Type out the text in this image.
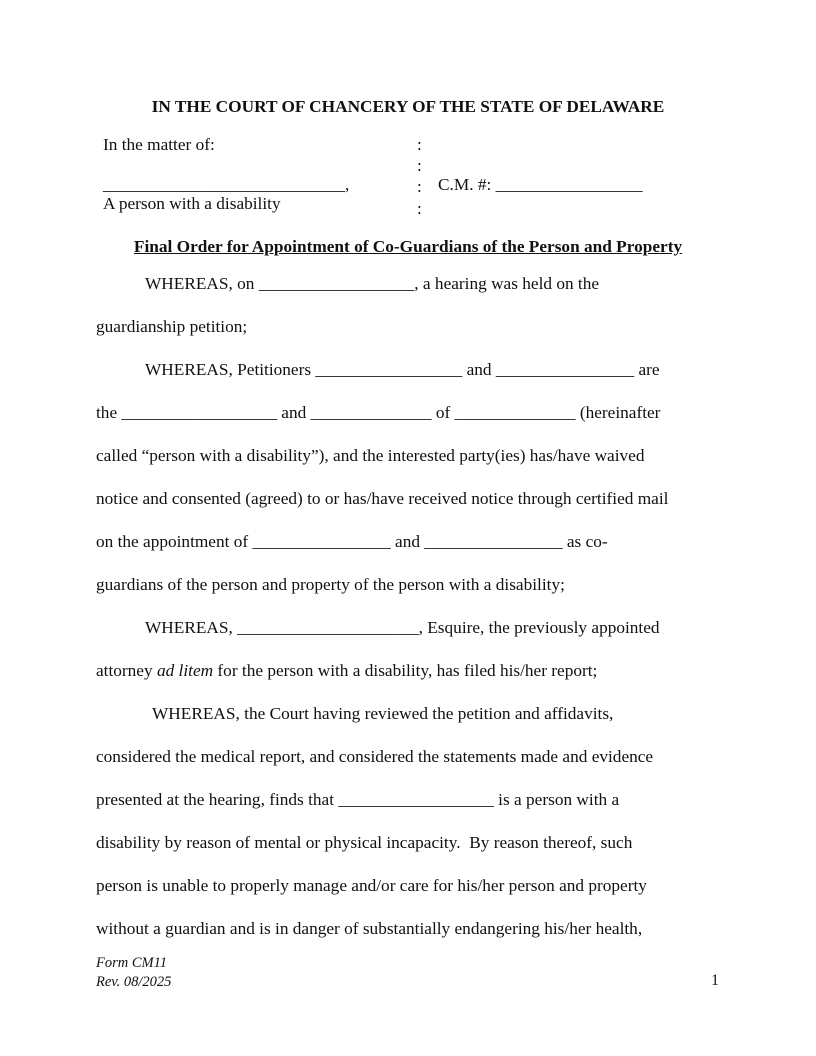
IN THE COURT OF CHANCERY OF THE STATE OF DELAWARE
In the matter of:
____________________________,
A person with a disability
:
:
:
:
C.M. #: _________________
Final Order for Appointment of Co-Guardians of the Person and Property
WHEREAS, on __________________, a hearing was held on the
guardianship petition;
WHEREAS, Petitioners _________________ and ________________ are
the __________________ and ______________ of ______________ (hereinafter
called “person with a disability”), and the interested party(ies) has/have waived
notice and consented (agreed) to or has/have received notice through certified mail
on the appointment of ________________ and ________________ as co-
guardians of the person and property of the person with a disability;
WHEREAS, _____________________, Esquire, the previously appointed
attorney ad litem for the person with a disability, has filed his/her report;
WHEREAS, the Court having reviewed the petition and affidavits,
considered the medical report, and considered the statements made and evidence
presented at the hearing, finds that __________________ is a person with a
disability by reason of mental or physical incapacity.  By reason thereof, such
person is unable to properly manage and/or care for his/her person and property
without a guardian and is in danger of substantially endangering his/her health,
Form CM11
Rev. 08/2025	1
